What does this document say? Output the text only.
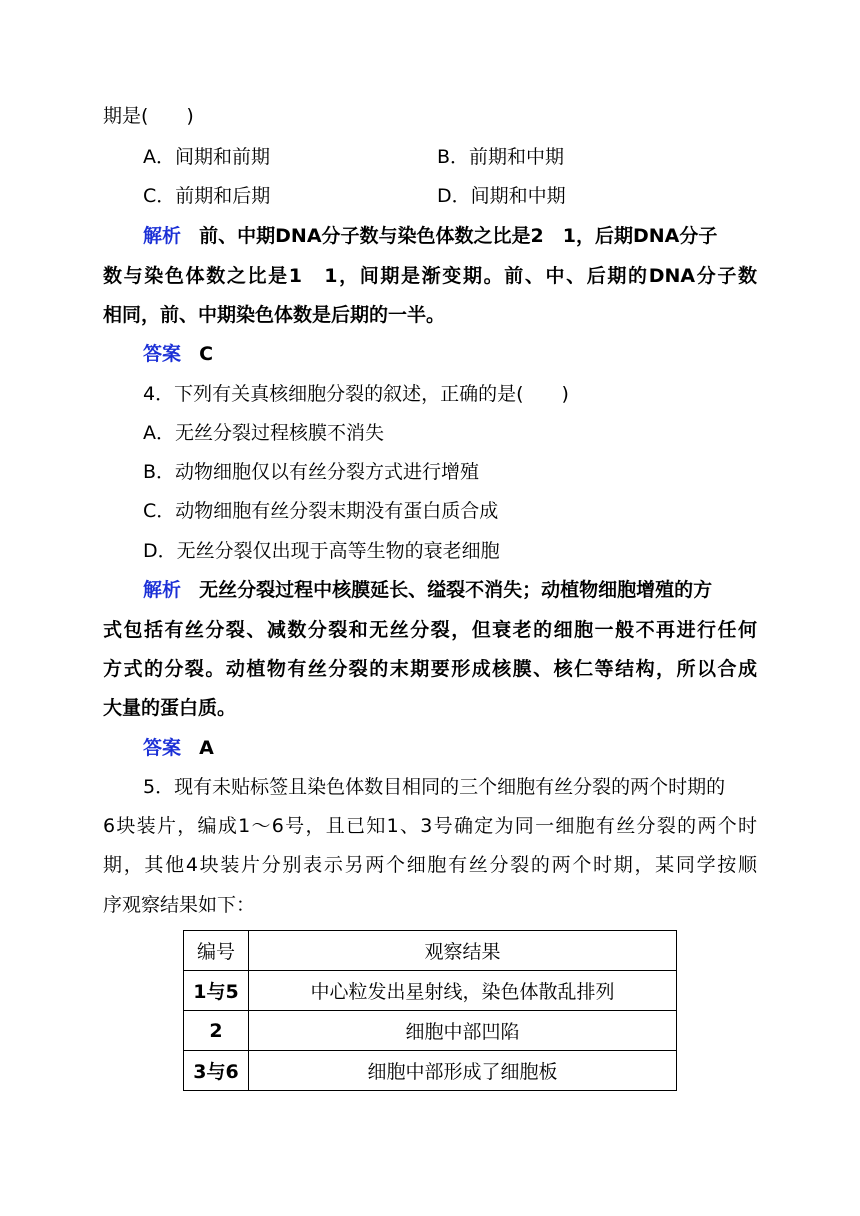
期是(　　)
A．间期和前期	B．前期和中期
C．前期和后期	D．间期和中期
解析 前、中期DNA分子数与染色体数之比是2　1，后期DNA分子
数与染色体数之比是1　1，间期是渐变期。前、中、后期的DNA分子数
相同，前、中期染色体数是后期的一半。
答案 C
4．下列有关真核细胞分裂的叙述，正确的是(　　)
A．无丝分裂过程核膜不消失
B．动物细胞仅以有丝分裂方式进行增殖
C．动物细胞有丝分裂末期没有蛋白质合成
D．无丝分裂仅出现于高等生物的衰老细胞
解析 无丝分裂过程中核膜延长、缢裂不消失；动植物细胞增殖的方
式包括有丝分裂、减数分裂和无丝分裂，但衰老的细胞一般不再进行任何
方式的分裂。动植物有丝分裂的末期要形成核膜、核仁等结构，所以合成
大量的蛋白质。
答案 A
5．现有未贴标签且染色体数目相同的三个细胞有丝分裂的两个时期的
6块装片，编成1～6号，且已知1、3号确定为同一细胞有丝分裂的两个时
期，其他4块装片分别表示另两个细胞有丝分裂的两个时期，某同学按顺
序观察结果如下：
编号	观察结果
1与5	中心粒发出星射线，染色体散乱排列
2	细胞中部凹陷
3与6	细胞中部形成了细胞板
